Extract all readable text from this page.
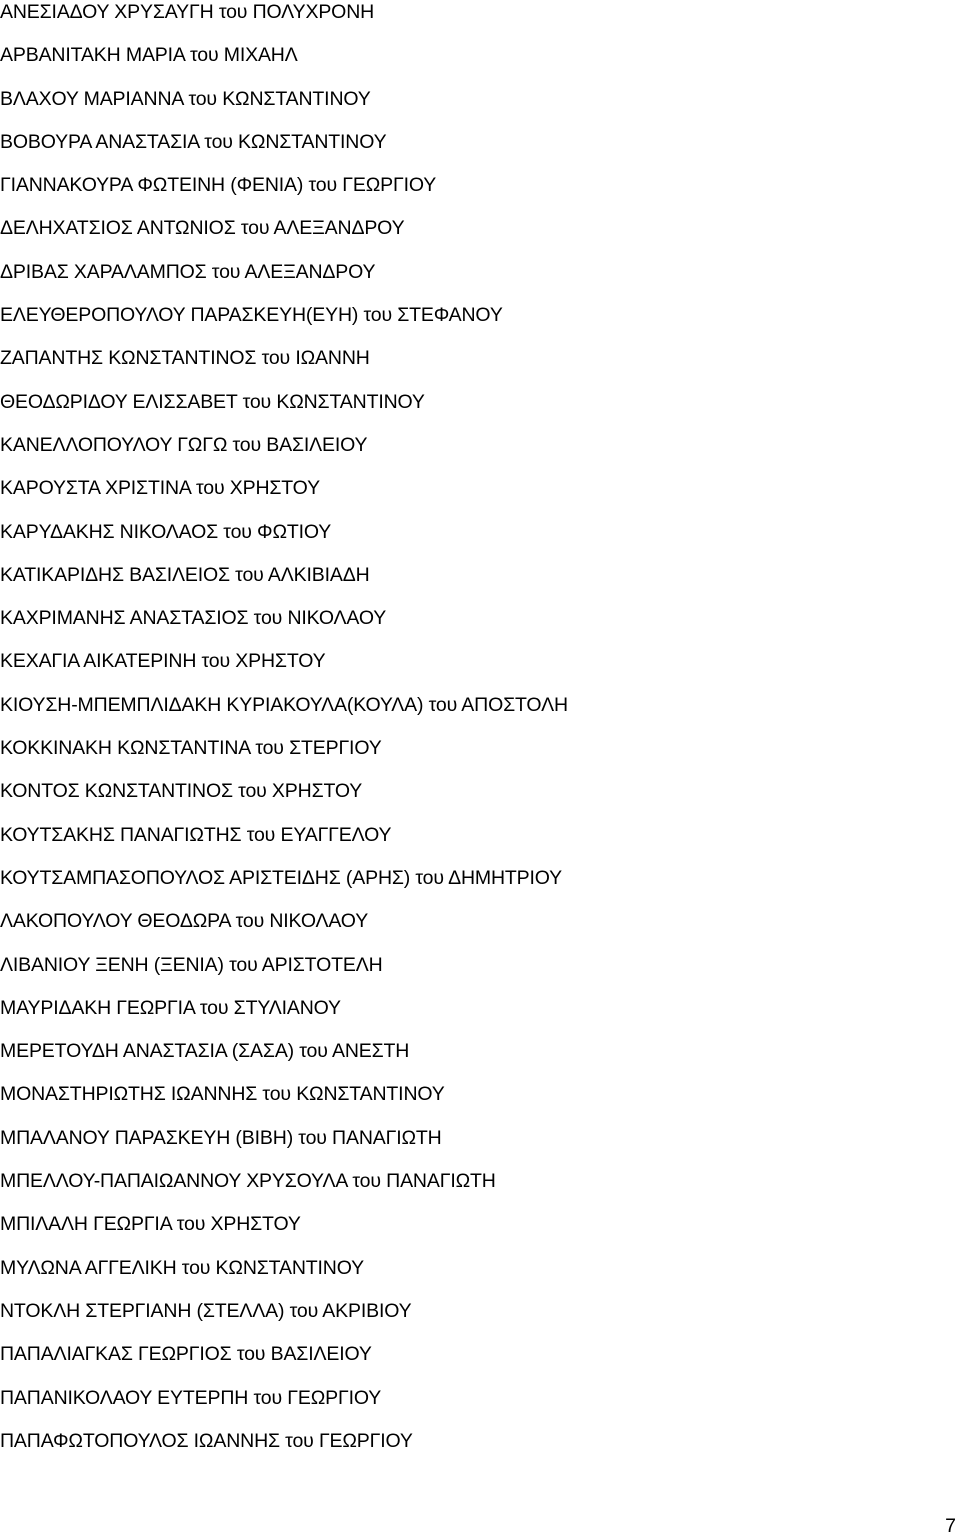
ΑΝΕΣΙΑΔΟΥ ΧΡΥΣΑΥΓΗ του ΠΟΛΥΧΡΟΝΗ
ΑΡΒΑΝΙΤΑΚΗ ΜΑΡΙΑ του ΜΙΧΑΗΛ
ΒΛΑΧΟΥ ΜΑΡΙΑΝΝΑ του ΚΩΝΣΤΑΝΤΙΝΟΥ
ΒΟΒΟΥΡΑ ΑΝΑΣΤΑΣΙΑ του ΚΩΝΣΤΑΝΤΙΝΟΥ
ΓΙΑΝΝΑΚΟΥΡΑ ΦΩΤΕΙΝΗ (ΦΕΝΙΑ) του ΓΕΩΡΓΙΟΥ
ΔΕΛΗΧΑΤΣΙΟΣ ΑΝΤΩΝΙΟΣ του ΑΛΕΞΑΝΔΡΟΥ
ΔΡΙΒΑΣ ΧΑΡΑΛΑΜΠΟΣ του ΑΛΕΞΑΝΔΡΟΥ
ΕΛΕΥΘΕΡΟΠΟΥΛΟΥ ΠΑΡΑΣΚΕΥΗ(ΕΥΗ) του ΣΤΕΦΑΝΟΥ
ΖΑΠΑΝΤΗΣ ΚΩΝΣΤΑΝΤΙΝΟΣ του ΙΩΑΝΝΗ
ΘΕΟΔΩΡΙΔΟΥ ΕΛΙΣΣΑΒΕΤ του ΚΩΝΣΤΑΝΤΙΝΟΥ
ΚΑΝΕΛΛΟΠΟΥΛΟΥ ΓΩΓΩ του ΒΑΣΙΛΕΙΟΥ
ΚΑΡΟΥΣΤΑ ΧΡΙΣΤΙΝΑ του ΧΡΗΣΤΟΥ
ΚΑΡΥΔΑΚΗΣ ΝΙΚΟΛΑΟΣ του ΦΩΤΙΟΥ
ΚΑΤΙΚΑΡΙΔΗΣ ΒΑΣΙΛΕΙΟΣ του ΑΛΚΙΒΙΑΔΗ
ΚΑΧΡΙΜΑΝΗΣ ΑΝΑΣΤΑΣΙΟΣ του ΝΙΚΟΛΑΟΥ
ΚΕΧΑΓΙΑ ΑΙΚΑΤΕΡΙΝΗ του ΧΡΗΣΤΟΥ
ΚΙΟΥΣΗ-ΜΠΕΜΠΛΙΔΑΚΗ ΚΥΡΙΑΚΟΥΛΑ(ΚΟΥΛΑ) του ΑΠΟΣΤΟΛΗ
ΚΟΚΚΙΝΑΚΗ ΚΩΝΣΤΑΝΤΙΝΑ του ΣΤΕΡΓΙΟΥ
ΚΟΝΤΟΣ ΚΩΝΣΤΑΝΤΙΝΟΣ του ΧΡΗΣΤΟΥ
ΚΟΥΤΣΑΚΗΣ ΠΑΝΑΓΙΩΤΗΣ του ΕΥΑΓΓΕΛΟΥ
ΚΟΥΤΣΑΜΠΑΣΟΠΟΥΛΟΣ ΑΡΙΣΤΕΙΔΗΣ (ΑΡΗΣ) του ΔΗΜΗΤΡΙΟΥ
ΛΑΚΟΠΟΥΛΟΥ ΘΕΟΔΩΡΑ του ΝΙΚΟΛΑΟΥ
ΛΙΒΑΝΙΟΥ ΞΕΝΗ (ΞΕΝΙΑ) του ΑΡΙΣΤΟΤΕΛΗ
ΜΑΥΡΙΔΑΚΗ ΓΕΩΡΓΙΑ του ΣΤΥΛΙΑΝΟΥ
ΜΕΡΕΤΟΥΔΗ ΑΝΑΣΤΑΣΙΑ (ΣΑΣΑ) του ΑΝΕΣΤΗ
ΜΟΝΑΣΤΗΡΙΩΤΗΣ ΙΩΑΝΝΗΣ του ΚΩΝΣΤΑΝΤΙΝΟΥ
ΜΠΑΛΑΝΟΥ ΠΑΡΑΣΚΕΥΗ (ΒΙΒΗ) του ΠΑΝΑΓΙΩΤΗ
ΜΠΕΛΛΟΥ-ΠΑΠΑΙΩΑΝΝΟΥ ΧΡΥΣΟΥΛΑ του ΠΑΝΑΓΙΩΤΗ
ΜΠΙΛΑΛΗ ΓΕΩΡΓΙΑ του ΧΡΗΣΤΟΥ
ΜΥΛΩΝΑ ΑΓΓΕΛΙΚΗ του ΚΩΝΣΤΑΝΤΙΝΟΥ
ΝΤΟΚΛΗ ΣΤΕΡΓΙΑΝΗ (ΣΤΕΛΛΑ) του ΑΚΡΙΒΙΟΥ
ΠΑΠΑΛΙΑΓΚΑΣ ΓΕΩΡΓΙΟΣ του ΒΑΣΙΛΕΙΟΥ
ΠΑΠΑΝΙΚΟΛΑΟΥ ΕΥΤΕΡΠΗ του ΓΕΩΡΓΙΟΥ
ΠΑΠΑΦΩΤΟΠΟΥΛΟΣ ΙΩΑΝΝΗΣ του ΓΕΩΡΓΙΟΥ
7
